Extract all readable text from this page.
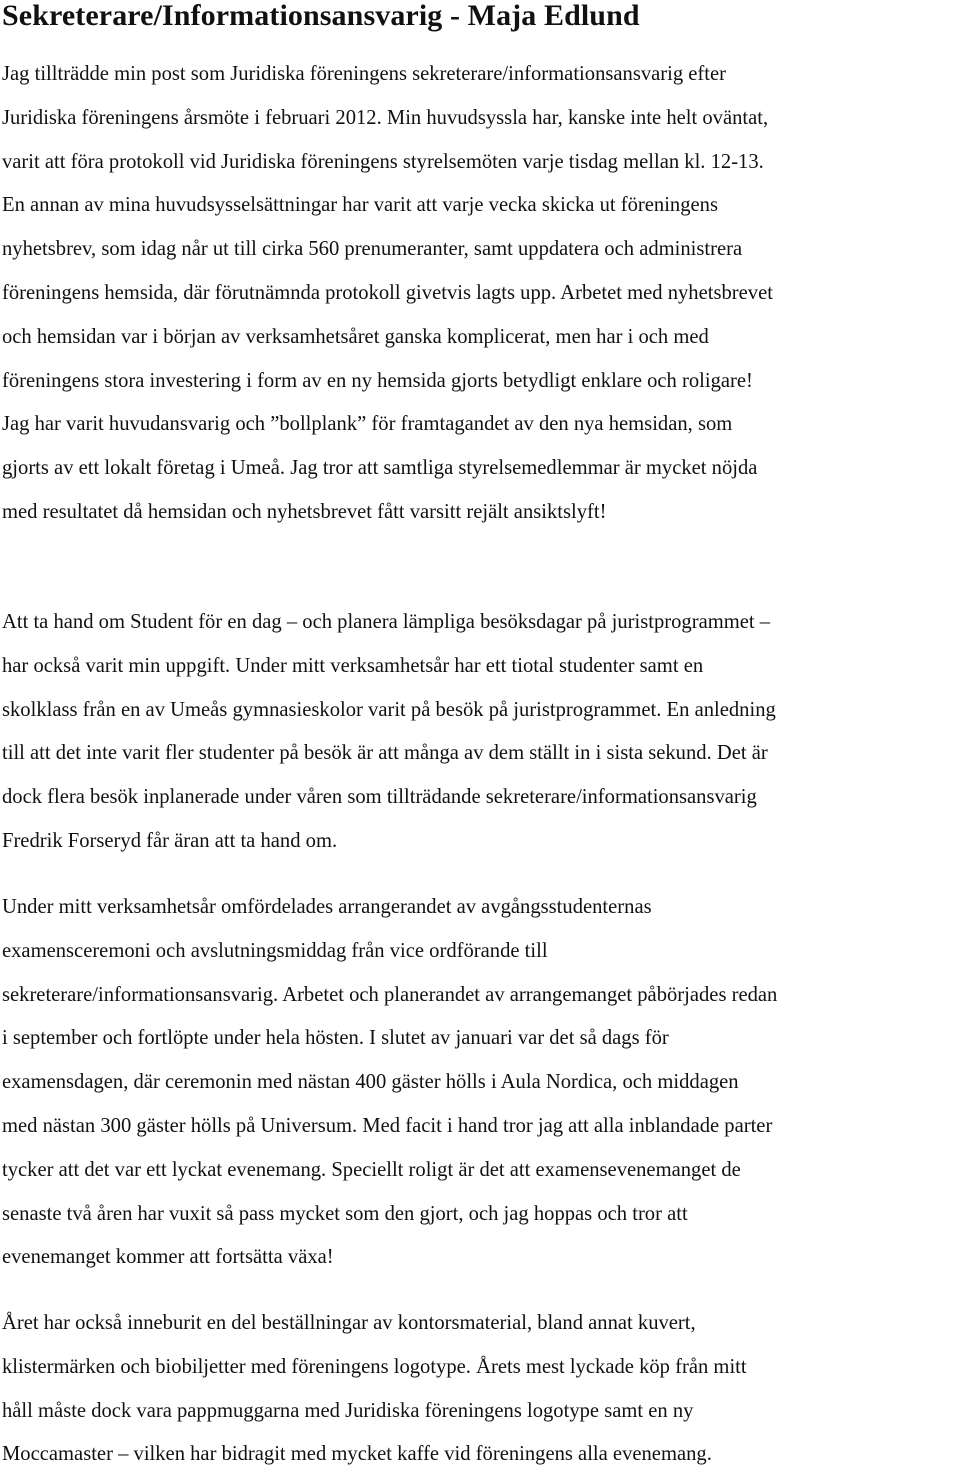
Sekreterare/Informationsansvarig - Maja Edlund

Jag tillträdde min post som Juridiska föreningens sekreterare/informationsansvarig efter
Juridiska föreningens årsmöte i februari 2012. Min huvudsyssla har, kanske inte helt oväntat,
varit att föra protokoll vid Juridiska föreningens styrelsemöten varje tisdag mellan kl. 12-13.
En annan av mina huvudsysselsättningar har varit att varje vecka skicka ut föreningens
nyhetsbrev, som idag når ut till cirka 560 prenumeranter, samt uppdatera och administrera
föreningens hemsida, där förutnämnda protokoll givetvis lagts upp. Arbetet med nyhetsbrevet
och hemsidan var i början av verksamhetsåret ganska komplicerat, men har i och med
föreningens stora investering i form av en ny hemsida gjorts betydligt enklare och roligare!
Jag har varit huvudansvarig och ”bollplank” för framtagandet av den nya hemsidan, som
gjorts av ett lokalt företag i Umeå. Jag tror att samtliga styrelsemedlemmar är mycket nöjda
med resultatet då hemsidan och nyhetsbrevet fått varsitt rejält ansiktslyft!

Att ta hand om Student för en dag – och planera lämpliga besöksdagar på juristprogrammet –
har också varit min uppgift. Under mitt verksamhetsår har ett tiotal studenter samt en
skolklass från en av Umeås gymnasieskolor varit på besök på juristprogrammet. En anledning
till att det inte varit fler studenter på besök är att många av dem ställt in i sista sekund. Det är
dock flera besök inplanerade under våren som tillträdande sekreterare/informationsansvarig
Fredrik Forseryd får äran att ta hand om.

Under mitt verksamhetsår omfördelades arrangerandet av avgångsstudenternas
examensceremoni och avslutningsmiddag från vice ordförande till
sekreterare/informationsansvarig. Arbetet och planerandet av arrangemanget påbörjades redan
i september och fortlöpte under hela hösten. I slutet av januari var det så dags för
examensdagen, där ceremonin med nästan 400 gäster hölls i Aula Nordica, och middagen
med nästan 300 gäster hölls på Universum. Med facit i hand tror jag att alla inblandade parter
tycker att det var ett lyckat evenemang. Speciellt roligt är det att examensevenemanget de
senaste två åren har vuxit så pass mycket som den gjort, och jag hoppas och tror att
evenemanget kommer att fortsätta växa!

Året har också inneburit en del beställningar av kontorsmaterial, bland annat kuvert,
klistermärken och biobiljetter med föreningens logotype. Årets mest lyckade köp från mitt
håll måste dock vara pappmuggarna med Juridiska föreningens logotype samt en ny
Moccamaster – vilken har bidragit med mycket kaffe vid föreningens alla evenemang.
